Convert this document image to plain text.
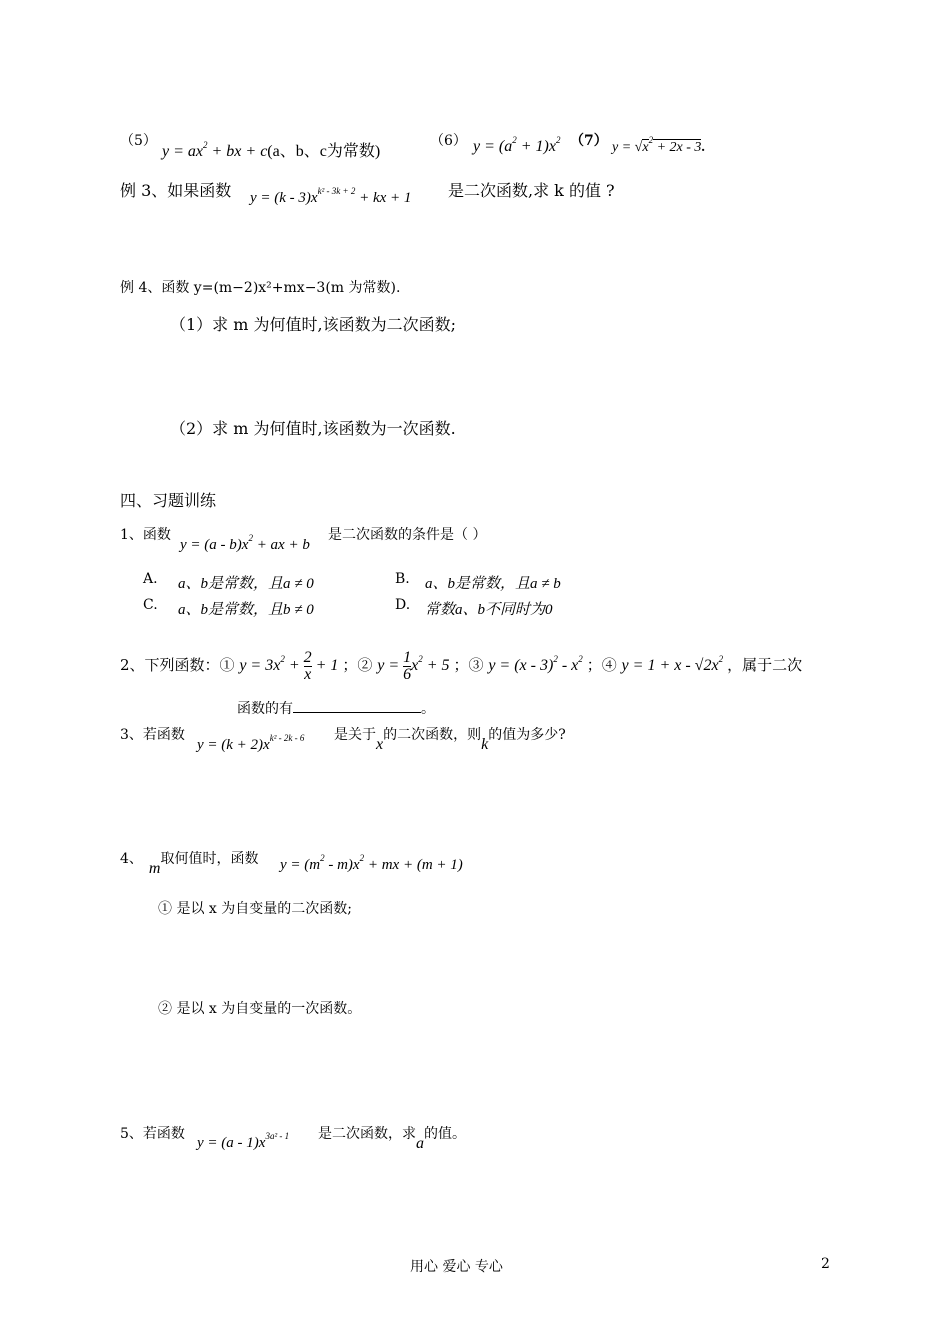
（5）
$y = ax^2$ + bx + c(a、b、c为常数)
（6） $y = (a^2 + 1)x^2$ （7） $y = √x^2 + 2x - 3$.
例 3、如果函数 $y = (k - 3)x^{k^2 - 3k + 2}$ + kx + 1 是二次函数,求 k 的值 ?
例 4、函数 y=(m−2)x²+mx−3(m 为常数).
（1）求 m 为何值时,该函数为二次函数;
（2）求 m 为何值时,该函数为一次函数.
四、习题训练
1、函数
$y = (a - b)x^2$ + ax + b
是二次函数的条件是（ ）
A. a、b是常数，且a ≠ 0	B. a、b是常数，且a ≠ b
C. a、b是常数，且b ≠ 0	D. 常数a、b不同时为0
2、下列函数：① $y = 3x^2 + \frac{2}{x} + 1$ ；② $y = \frac{1}{6} x^2 + 5$ ；③ $y = (x - 3)^2 - x^2$ ；④ $y = 1 + x - √2x^2$ ，属于二次
函数的有	。
3、若函数
$y = (k + 2)x^{k^2 - 2k - 6}$ 是关于x的二次函数，则k的值为多少?
4、m取何值时，函数 $y = (m^2 - m)x^2$ + mx + (m + 1)
① 是以 x 为自变量的二次函数;
② 是以 x 为自变量的一次函数。
5、若函数
$y = (a - 1)x^{3a^2 - 1}$ 是二次函数，求a的值。
用心 爱心 专心	2
